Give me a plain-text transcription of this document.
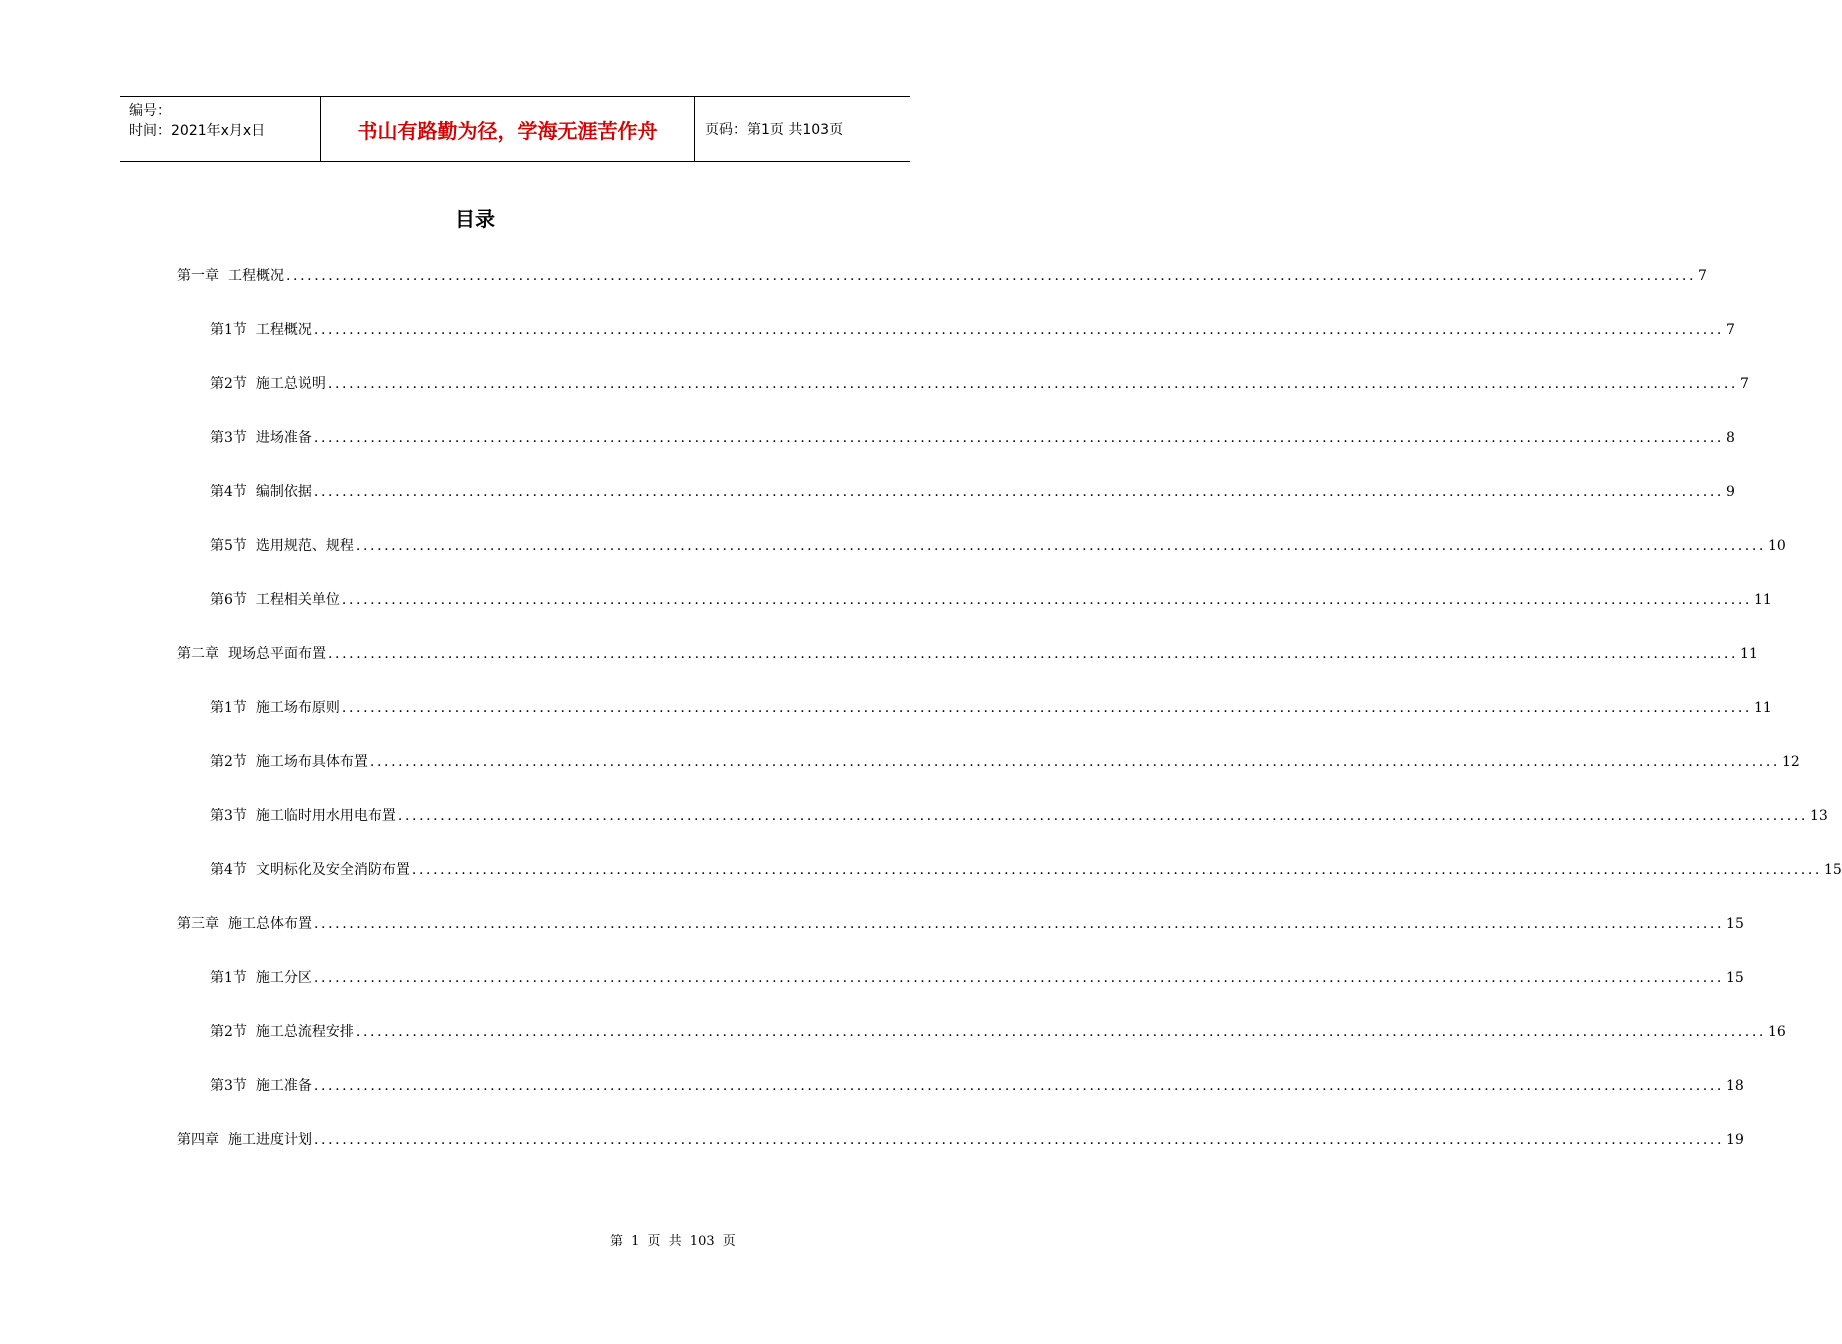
编号：
时间：2021年x月x日	书山有路勤为径，学海无涯苦作舟	页码：第1页 共103页
目录
第一章 工程概况 ........................................................................................................................................................................................................ 7
第1节 工程概况 ........................................................................................................................................................................................................ 7
第2节 施工总说明 ........................................................................................................................................................................................................ 7
第3节 进场准备 ........................................................................................................................................................................................................ 8
第4节 编制依据 ........................................................................................................................................................................................................ 9
第5节 选用规范、规程 ........................................................................................................................................................................................................ 10
第6节 工程相关单位 ........................................................................................................................................................................................................ 11
第二章 现场总平面布置 ........................................................................................................................................................................................................ 11
第1节 施工场布原则 ........................................................................................................................................................................................................ 11
第2节 施工场布具体布置 ........................................................................................................................................................................................................ 12
第3节 施工临时用水用电布置 ........................................................................................................................................................................................................ 13
第4节 文明标化及安全消防布置 ........................................................................................................................................................................................................ 15
第三章 施工总体布置 ........................................................................................................................................................................................................ 15
第1节 施工分区 ........................................................................................................................................................................................................ 15
第2节 施工总流程安排 ........................................................................................................................................................................................................ 16
第3节 施工准备 ........................................................................................................................................................................................................ 18
第四章 施工进度计划 ........................................................................................................................................................................................................ 19
第 1 页 共 103 页
